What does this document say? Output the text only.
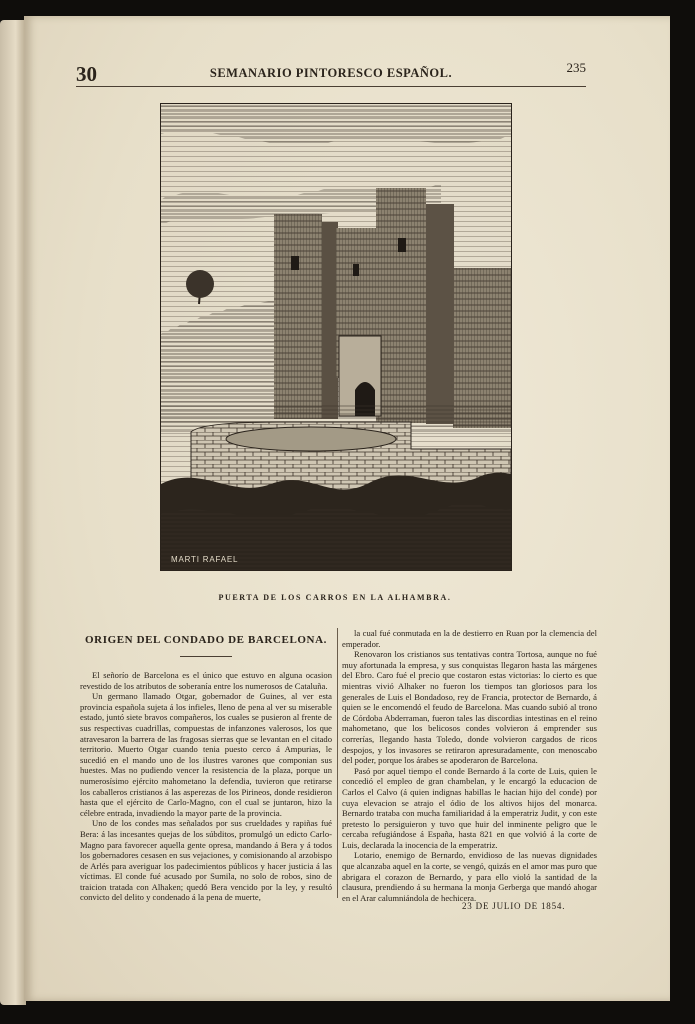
30	SEMANARIO PINTORESCO ESPAÑOL.	235
MARTI RAFAEL
PUERTA DE LOS CARROS EN LA ALHAMBRA.
ORIGEN DEL CONDADO DE BARCELONA.

El señorío de Barcelona es el único que estuvo en alguna ocasion revestido de los atributos de soberanía entre los numerosos de Cataluña.

Un germano llamado Otgar, gobernador de Guines, al ver esta provincia española sujeta á los infieles, lleno de pena al ver su miserable estado, juntó siete bravos compañeros, los cuales se pusieron al frente de sus respectivas cuadrillas, compuestas de infanzones valerosos, los que atravesaron la barrera de las fragosas sierras que se levantan en el citado territorio. Muerto Otgar cuando tenia puesto cerco á Ampurias, le sucedió en el mando uno de los ilustres varones que componian sus huestes. Mas no pudiendo vencer la resistencia de la plaza, porque un numerosísimo ejército mahometano la defendia, tuvieron que retirarse los caballeros cristianos á las asperezas de los Pirineos, donde residieron hasta que el ejército de Carlo-Magno, con el cual se juntaron, hizo la célebre entrada, invadiendo la mayor parte de la provincia.

Uno de los condes mas señalados por sus crueldades y rapiñas fué Bera: á las incesantes quejas de los súbditos, promulgó un edicto Carlo-Magno para favorecer aquella gente opresa, mandando á Bera y á todos los gobernadores cesasen en sus vejaciones, y comisionando al arzobispo de Arlés para averiguar los padecimientos públicos y hacer justicia á las víctimas. El conde fué acusado por Sumila, no solo de robos, sino de traicion tratada con Alhaken; quedó Bera vencido por la ley, y resultó convicto del delito y condenado á la pena de muerte,

la cual fué conmutada en la de destierro en Ruan por la clemencia del emperador.

Renovaron los cristianos sus tentativas contra Tortosa, aunque no fué muy afortunada la empresa, y sus conquistas llegaron hasta las márgenes del Ebro. Caro fué el precio que costaron estas victorias: lo cierto es que mientras vivió Alhaker no fueron los tiempos tan gloriosos para los generales de Luis el Bondadoso, rey de Francia, protector de Bernardo, á quien se le encomendó el feudo de Barcelona. Mas cuando subió al trono de Córdoba Abderraman, fueron tales las discordias intestinas en el reino mahometano, que los belicosos condes volvieron á emprender sus correrías, llegando hasta Toledo, donde volvieron cargados de ricos despojos, y los invasores se retiraron apresuradamente, con menoscabo del poder, porque los árabes se apoderaron de Barcelona.

Pasó por aquel tiempo el conde Bernardo á la corte de Luis, quien le concedió el empleo de gran chambelan, y le encargó la educacion de Carlos el Calvo (á quien indignas habillas le hacian hijo del conde) por cuya elevacion se atrajo el ódio de los altivos hijos del monarca. Bernardo trataba con mucha familiaridad á la emperatriz Judit, y con este pretesto lo persiguieron y tuvo que huir del inminente peligro que le cercaba refugiándose á España, hasta 821 en que volvió á la corte de Luis, declarada la inocencia de la emperatriz.

Lotario, enemigo de Bernardo, envidioso de las nuevas dignidades que alcanzaba aquel en la corte, se vengó, quizás en el amor mas puro que abrigara el corazon de Bernardo, y para ello violó la santidad de la clausura, prendiendo á su hermana la monja Gerberga que mandó ahogar en el Arar calumniándola de hechicera.

23 DE JULIO DE 1854.
